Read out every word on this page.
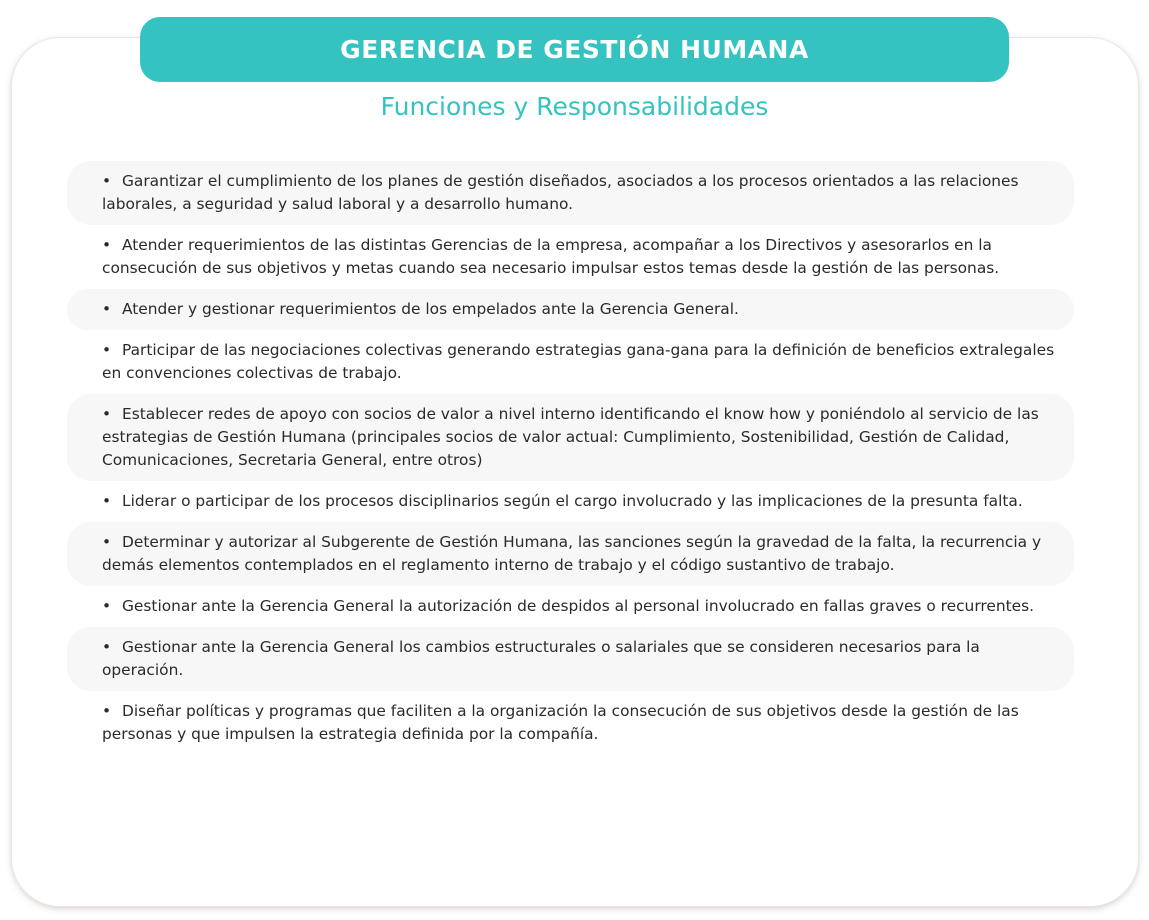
GERENCIA DE GESTIÓN HUMANA
Funciones y Responsabilidades
• Garantizar el cumplimiento de los planes de gestión diseñados, asociados a los procesos orientados a las relaciones laborales, a seguridad y salud laboral y a desarrollo humano.
• Atender requerimientos de las distintas Gerencias de la empresa, acompañar a los Directivos y asesorarlos en la consecución de sus objetivos y metas cuando sea necesario impulsar estos temas desde la gestión de las personas.
• Atender y gestionar requerimientos de los empelados ante la Gerencia General.
• Participar de las negociaciones colectivas generando estrategias gana-gana para la definición de beneficios extralegales en convenciones colectivas de trabajo.
• Establecer redes de apoyo con socios de valor a nivel interno identificando el know how y poniéndolo al servicio de las estrategias de Gestión Humana (principales socios de valor actual: Cumplimiento, Sostenibilidad, Gestión de Calidad, Comunicaciones, Secretaria General, entre otros)
• Liderar o participar de los procesos disciplinarios según el cargo involucrado y las implicaciones de la presunta falta.
• Determinar y autorizar al Subgerente de Gestión Humana, las sanciones según la gravedad de la falta, la recurrencia y demás elementos contemplados en el reglamento interno de trabajo y el código sustantivo de trabajo.
• Gestionar ante la Gerencia General la autorización de despidos al personal involucrado en fallas graves o recurrentes.
• Gestionar ante la Gerencia General los cambios estructurales o salariales que se consideren necesarios para la operación.
• Diseñar políticas y programas que faciliten a la organización la consecución de sus objetivos desde la gestión de las personas y que impulsen la estrategia definida por la compañía.
